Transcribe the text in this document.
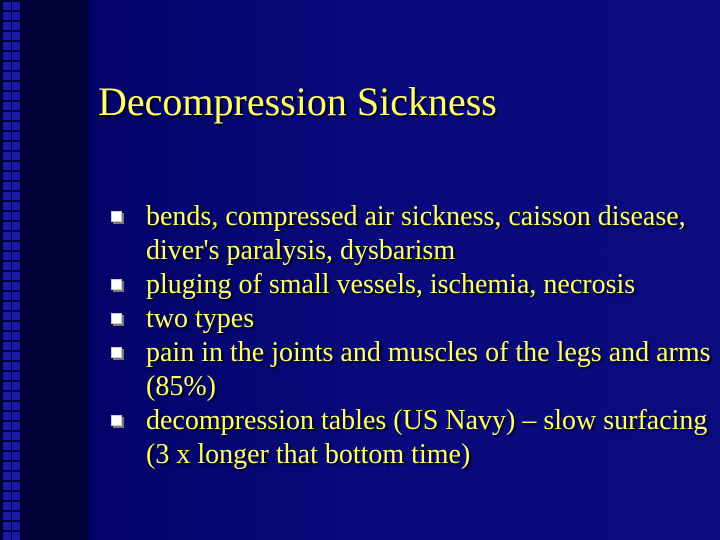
Decompression Sickness
bends, compressed air sickness, caisson disease, diver's paralysis, dysbarism
pluging of small vessels, ischemia, necrosis
two types
pain in the joints and muscles of the legs and arms (85%)
decompression tables (US Navy) – slow surfacing (3 x longer that bottom time)
